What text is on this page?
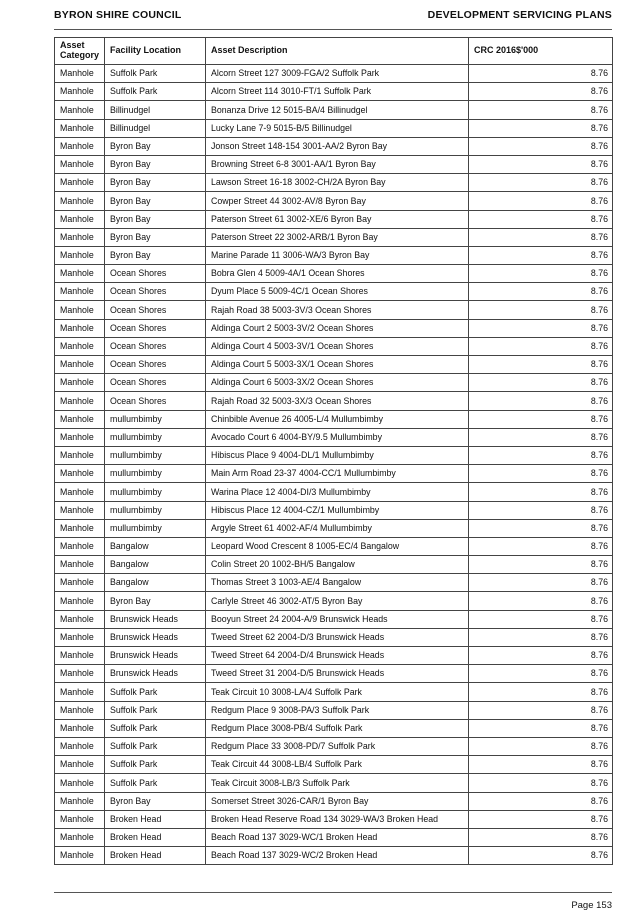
BYRON SHIRE COUNCIL	DEVELOPMENT SERVICING PLANS
Asset Category	Facility Location	Asset Description	CRC 2016$'000	
Manhole	Suffolk Park	Alcorn Street 127 3009-FGA/2 Suffolk Park		8.76
Manhole	Suffolk Park	Alcorn Street 114 3010-FT/1 Suffolk Park		8.76
Manhole	Billinudgel	Bonanza Drive 12 5015-BA/4 Billinudgel		8.76
Manhole	Billinudgel	Lucky Lane 7-9 5015-B/5 Billinudgel		8.76
Manhole	Byron Bay	Jonson Street 148-154 3001-AA/2 Byron Bay		8.76
Manhole	Byron Bay	Browning Street 6-8 3001-AA/1 Byron Bay		8.76
Manhole	Byron Bay	Lawson Street 16-18 3002-CH/2A Byron Bay		8.76
Manhole	Byron Bay	Cowper Street 44 3002-AV/8 Byron Bay		8.76
Manhole	Byron Bay	Paterson Street 61 3002-XE/6 Byron Bay		8.76
Manhole	Byron Bay	Paterson Street 22 3002-ARB/1 Byron Bay		8.76
Manhole	Byron Bay	Marine Parade 11 3006-WA/3 Byron Bay		8.76
Manhole	Ocean Shores	Bobra Glen 4 5009-4A/1 Ocean Shores		8.76
Manhole	Ocean Shores	Dyum Place 5 5009-4C/1 Ocean Shores		8.76
Manhole	Ocean Shores	Rajah Road 38 5003-3V/3 Ocean Shores		8.76
Manhole	Ocean Shores	Aldinga Court 2 5003-3V/2 Ocean Shores		8.76
Manhole	Ocean Shores	Aldinga Court 4 5003-3V/1 Ocean Shores		8.76
Manhole	Ocean Shores	Aldinga Court 5 5003-3X/1 Ocean Shores		8.76
Manhole	Ocean Shores	Aldinga Court 6 5003-3X/2 Ocean Shores		8.76
Manhole	Ocean Shores	Rajah Road 32 5003-3X/3 Ocean Shores		8.76
Manhole	mullumbimby	Chinbible Avenue 26 4005-L/4 Mullumbimby		8.76
Manhole	mullumbimby	Avocado Court 6 4004-BY/9.5 Mullumbimby		8.76
Manhole	mullumbimby	Hibiscus Place 9 4004-DL/1 Mullumbimby		8.76
Manhole	mullumbimby	Main Arm Road 23-37 4004-CC/1 Mullumbimby		8.76
Manhole	mullumbimby	Warina Place 12 4004-DI/3 Mullumbimby		8.76
Manhole	mullumbimby	Hibiscus Place 12 4004-CZ/1 Mullumbimby		8.76
Manhole	mullumbimby	Argyle Street 61 4002-AF/4 Mullumbimby		8.76
Manhole	Bangalow	Leopard Wood Crescent 8 1005-EC/4 Bangalow		8.76
Manhole	Bangalow	Colin Street 20 1002-BH/5 Bangalow		8.76
Manhole	Bangalow	Thomas Street 3 1003-AE/4 Bangalow		8.76
Manhole	Byron Bay	Carlyle Street 46 3002-AT/5 Byron Bay		8.76
Manhole	Brunswick Heads	Booyun Street 24 2004-A/9 Brunswick Heads		8.76
Manhole	Brunswick Heads	Tweed Street 62 2004-D/3 Brunswick Heads		8.76
Manhole	Brunswick Heads	Tweed Street 64 2004-D/4 Brunswick Heads		8.76
Manhole	Brunswick Heads	Tweed Street 31 2004-D/5 Brunswick Heads		8.76
Manhole	Suffolk Park	Teak Circuit 10 3008-LA/4 Suffolk Park		8.76
Manhole	Suffolk Park	Redgum Place 9 3008-PA/3 Suffolk Park		8.76
Manhole	Suffolk Park	Redgum Place 3008-PB/4 Suffolk Park		8.76
Manhole	Suffolk Park	Redgum Place 33 3008-PD/7 Suffolk Park		8.76
Manhole	Suffolk Park	Teak Circuit 44 3008-LB/4 Suffolk Park		8.76
Manhole	Suffolk Park	Teak Circuit 3008-LB/3 Suffolk Park		8.76
Manhole	Byron Bay	Somerset Street 3026-CAR/1 Byron Bay		8.76
Manhole	Broken Head	Broken Head Reserve Road 134 3029-WA/3 Broken Head		8.76
Manhole	Broken Head	Beach Road 137 3029-WC/1 Broken Head		8.76
Manhole	Broken Head	Beach Road 137 3029-WC/2 Broken Head		8.76
Page 153
